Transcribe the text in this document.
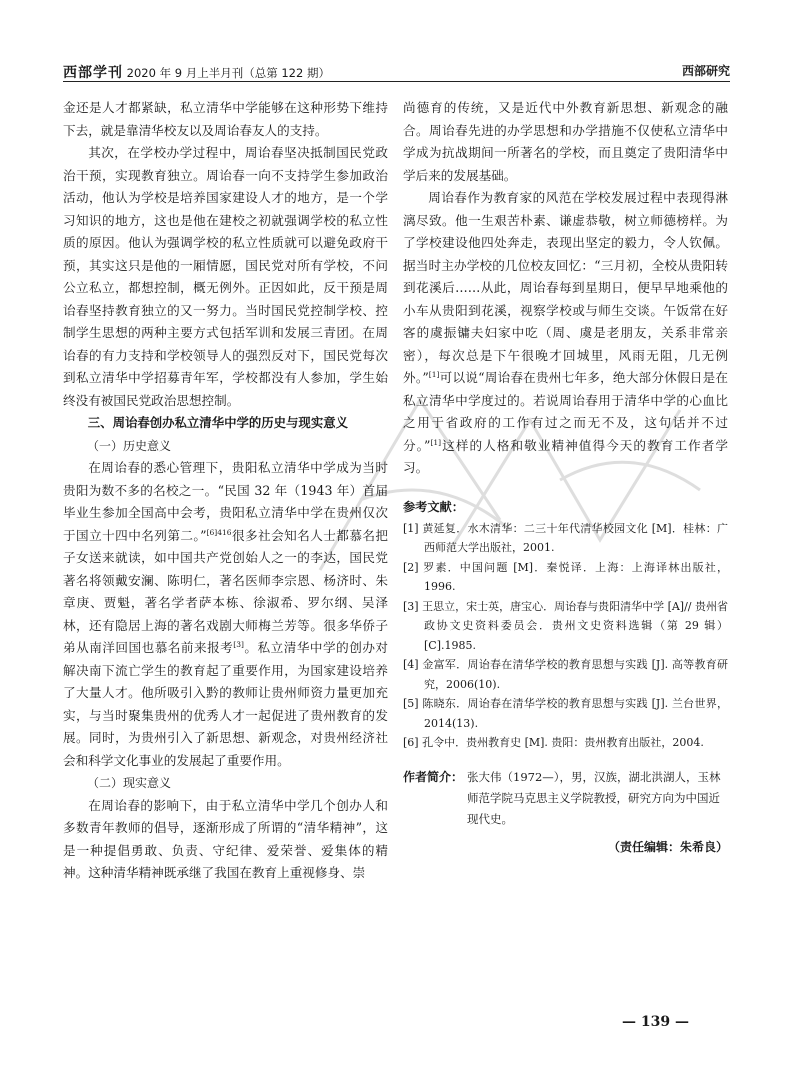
西部学刊 2020 年 9 月上半月刊（总第 122 期）	西部研究

金还是人才都紧缺，私立清华中学能够在这种形势下维持下去，就是靠清华校友以及周诒春友人的支持。

其次，在学校办学过程中，周诒春坚决抵制国民党政治干预，实现教育独立。周诒春一向不支持学生参加政治活动，他认为学校是培养国家建设人才的地方，是一个学习知识的地方，这也是他在建校之初就强调学校的私立性质的原因。他认为强调学校的私立性质就可以避免政府干预，其实这只是他的一厢情愿，国民党对所有学校，不问公立私立，都想控制，概无例外。正因如此，反干预是周诒春坚持教育独立的又一努力。当时国民党控制学校、控制学生思想的两种主要方式包括军训和发展三青团。在周诒春的有力支持和学校领导人的强烈反对下，国民党每次到私立清华中学招募青年军，学校都没有人参加，学生始终没有被国民党政治思想控制。

三、周诒春创办私立清华中学的历史与现实意义

（一）历史意义

在周诒春的悉心管理下，贵阳私立清华中学成为当时贵阳为数不多的名校之一。“民国 32 年（1943 年）首届毕业生参加全国高中会考，贵阳私立清华中学在贵州仅次于国立十四中名列第二。”$^{[6]416}$很多社会知名人士都慕名把子女送来就读，如中国共产党创始人之一的李达，国民党著名将领戴安澜、陈明仁，著名医师李宗恩、杨济时、朱章庚、贾魁，著名学者萨本栋、徐淑希、罗尔纲、吴泽林，还有隐居上海的著名戏剧大师梅兰芳等。很多华侨子弟从南洋回国也慕名前来报考[3]。私立清华中学的创办对解决南下流亡学生的教育起了重要作用，为国家建设培养了大量人才。他所吸引入黔的教师让贵州师资力量更加充实，与当时聚集贵州的优秀人才一起促进了贵州教育的发展。同时，为贵州引入了新思想、新观念，对贵州经济社会和科学文化事业的发展起了重要作用。

（二）现实意义

在周诒春的影响下，由于私立清华中学几个创办人和多数青年教师的倡导，逐渐形成了所谓的“清华精神”，这是一种提倡勇敢、负责、守纪律、爱荣誉、爱集体的精神。这种清华精神既承继了我国在教育上重视修身、崇

尚德育的传统，又是近代中外教育新思想、新观念的融合。周诒春先进的办学思想和办学措施不仅使私立清华中学成为抗战期间一所著名的学校，而且奠定了贵阳清华中学后来的发展基础。

周诒春作为教育家的风范在学校发展过程中表现得淋漓尽致。他一生艰苦朴素、谦虚恭敬，树立师德榜样。为了学校建设他四处奔走，表现出坚定的毅力，令人钦佩。据当时主办学校的几位校友回忆：“三月初，全校从贵阳转到花溪后……从此，周诒春每到星期日，便早早地乘他的小车从贵阳到花溪，视察学校或与师生交谈。午饭常在好客的虞振镛夫妇家中吃（周、虞是老朋友，关系非常亲密），每次总是下午很晚才回城里，风雨无阻，几无例外。”[1]可以说“周诒春在贵州七年多，绝大部分休假日是在私立清华中学度过的。若说周诒春用于清华中学的心血比之用于省政府的工作有过之而无不及，这句话并不过分。”[1]这样的人格和敬业精神值得今天的教育工作者学习。

参考文献：

[1] 黄延复．水木清华：二三十年代清华校园文化 [M]．桂林：广西师范大学出版社，2001.

[2] 罗素．中国问题 [M]．秦悦译．上海：上海译林出版社，1996.

[3] 王思立，宋士英，唐宝心．周诒春与贵阳清华中学 [A]// 贵州省政协文史资料委员会．贵州文史资料选辑（第 29 辑）[C].1985.

[4] 金富军．周诒春在清华学校的教育思想与实践 [J]. 高等教育研究，2006(10).

[5] 陈晓东．周诒春在清华学校的教育思想与实践 [J]. 兰台世界，2014(13).

[6] 孔令中．贵州教育史 [M]. 贵阳：贵州教育出版社，2004.

作者简介： 张大伟（1972—），男，汉族，湖北洪湖人，玉林师范学院马克思主义学院教授，研究方向为中国近现代史。
（责任编辑：朱希良）
— 139 —
